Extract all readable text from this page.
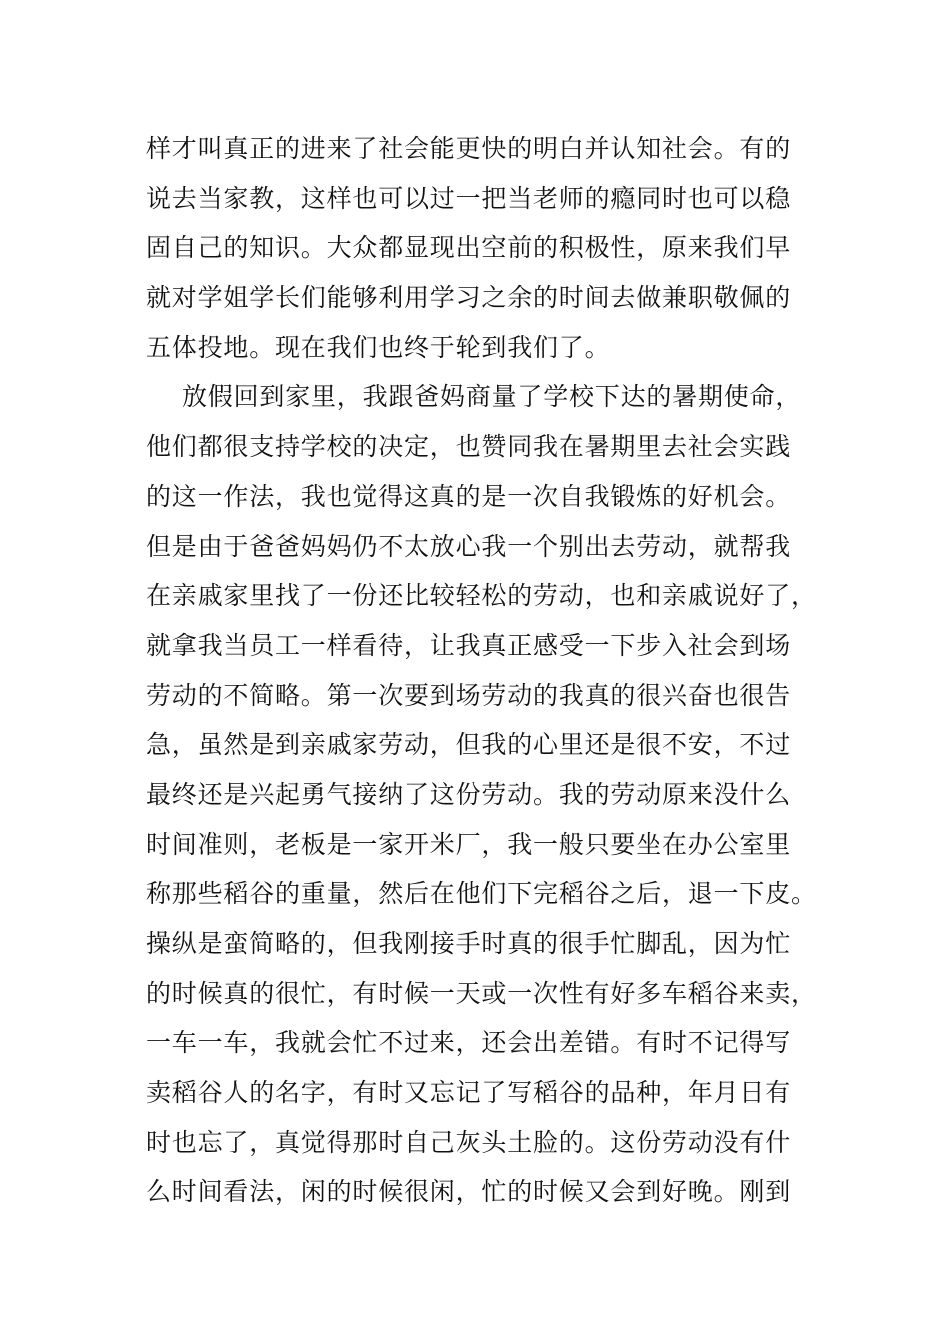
样才叫真正的进来了社会能更快的明白并认知社会。有的
说去当家教，这样也可以过一把当老师的瘾同时也可以稳
固自己的知识。大众都显现出空前的积极性，原来我们早
就对学姐学长们能够利用学习之余的时间去做兼职敬佩的
五体投地。现在我们也终于轮到我们了。
放假回到家里，我跟爸妈商量了学校下达的暑期使命，
他们都很支持学校的决定，也赞同我在暑期里去社会实践
的这一作法，我也觉得这真的是一次自我锻炼的好机会。
但是由于爸爸妈妈仍不太放心我一个别出去劳动，就帮我
在亲戚家里找了一份还比较轻松的劳动，也和亲戚说好了，
就拿我当员工一样看待，让我真正感受一下步入社会到场
劳动的不简略。第一次要到场劳动的我真的很兴奋也很告
急，虽然是到亲戚家劳动，但我的心里还是很不安，不过
最终还是兴起勇气接纳了这份劳动。我的劳动原来没什么
时间准则，老板是一家开米厂，我一般只要坐在办公室里
称那些稻谷的重量，然后在他们下完稻谷之后，退一下皮。
操纵是蛮简略的，但我刚接手时真的很手忙脚乱，因为忙
的时候真的很忙，有时候一天或一次性有好多车稻谷来卖，
一车一车，我就会忙不过来，还会出差错。有时不记得写
卖稻谷人的名字，有时又忘记了写稻谷的品种，年月日有
时也忘了，真觉得那时自己灰头土脸的。这份劳动没有什
么时间看法，闲的时候很闲，忙的时候又会到好晚。刚到
